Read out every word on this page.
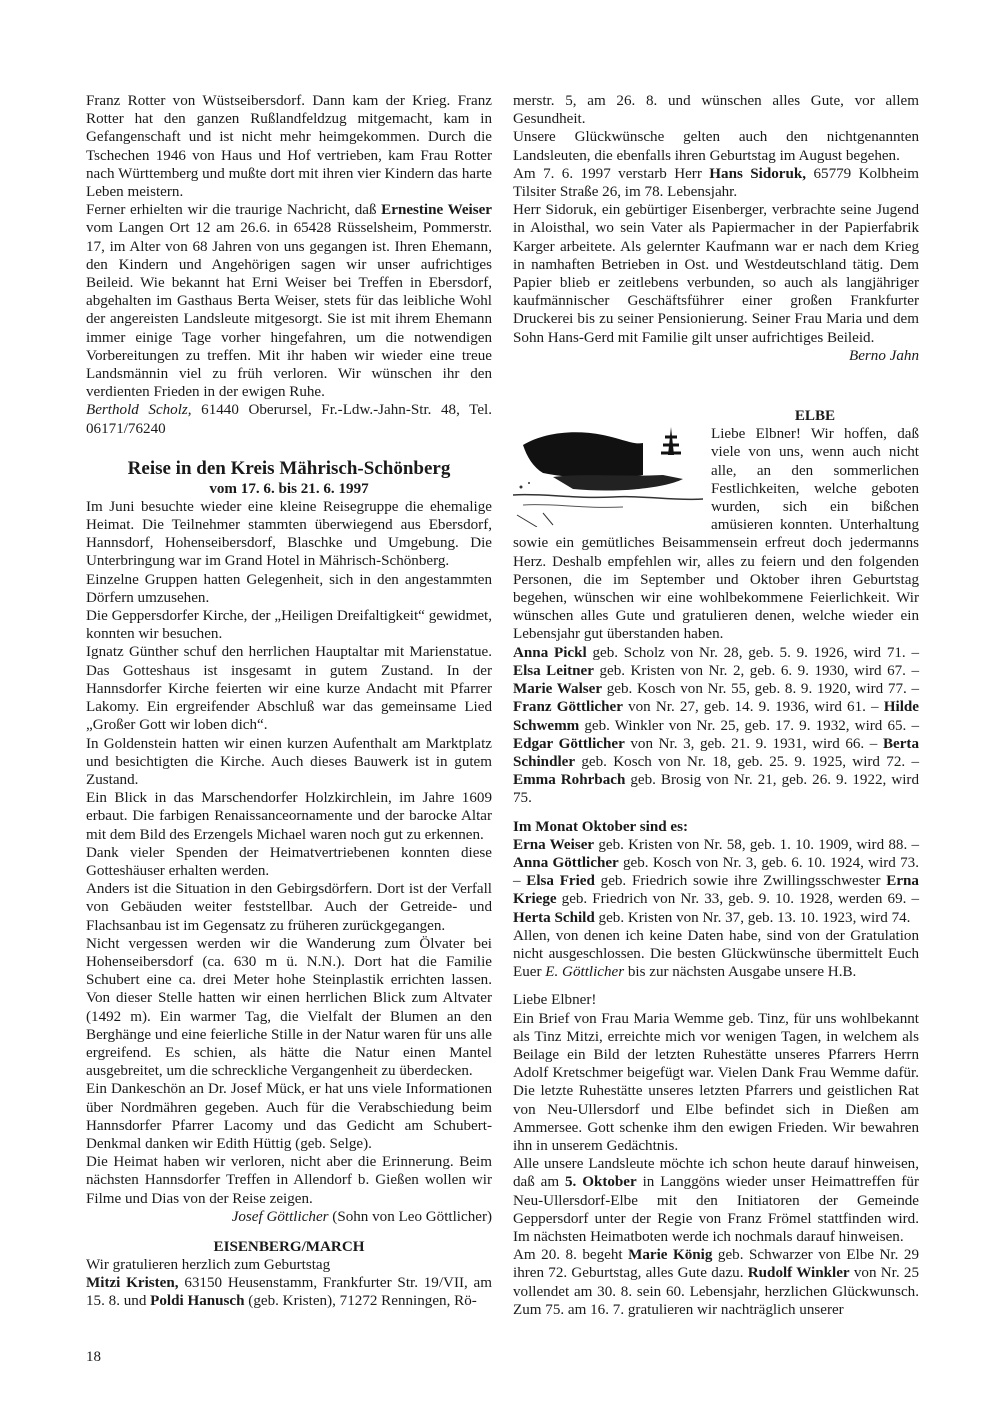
Franz Rotter von Wüstseibersdorf. Dann kam der Krieg. Franz Rotter hat den ganzen Rußlandfeldzug mitgemacht, kam in Gefangenschaft und ist nicht mehr heimgekommen. Durch die Tschechen 1946 von Haus und Hof vertrieben, kam Frau Rotter nach Württemberg und mußte dort mit ihren vier Kindern das harte Leben meistern.

Ferner erhielten wir die traurige Nachricht, daß Ernestine Weiser vom Langen Ort 12 am 26.6. in 65428 Rüsselsheim, Pommerstr. 17, im Alter von 68 Jahren von uns gegangen ist. Ihren Ehemann, den Kindern und Angehörigen sagen wir unser aufrichtiges Beileid. Wie bekannt hat Erni Weiser bei Treffen in Ebersdorf, abgehalten im Gasthaus Berta Weiser, stets für das leibliche Wohl der angereisten Landsleute mitgesorgt. Sie ist mit ihrem Ehemann immer einige Tage vorher hingefahren, um die notwendigen Vorbereitungen zu treffen. Mit ihr haben wir wieder eine treue Landsmännin viel zu früh verloren. Wir wünschen ihr den verdienten Frieden in der ewigen Ruhe.

Berthold Scholz, 61440 Oberursel, Fr.-Ldw.-Jahn-Str. 48, Tel. 06171/76240

Reise in den Kreis Mährisch-Schönberg
vom 17. 6. bis 21. 6. 1997

Im Juni besuchte wieder eine kleine Reisegruppe die ehemalige Heimat. Die Teilnehmer stammten überwiegend aus Ebersdorf, Hannsdorf, Hohenseibersdorf, Blaschke und Umgebung. Die Unterbringung war im Grand Hotel in Mährisch-Schönberg.

Einzelne Gruppen hatten Gelegenheit, sich in den angestammten Dörfern umzusehen.

Die Geppersdorfer Kirche, der „Heiligen Dreifaltigkeit“ gewidmet, konnten wir besuchen.

Ignatz Günther schuf den herrlichen Hauptaltar mit Marienstatue. Das Gotteshaus ist insgesamt in gutem Zustand. In der Hannsdorfer Kirche feierten wir eine kurze Andacht mit Pfarrer Lakomy. Ein ergreifender Abschluß war das gemeinsame Lied „Großer Gott wir loben dich“.

In Goldenstein hatten wir einen kurzen Aufenthalt am Marktplatz und besichtigten die Kirche. Auch dieses Bauwerk ist in gutem Zustand.

Ein Blick in das Marschendorfer Holzkirchlein, im Jahre 1609 erbaut. Die farbigen Renaissanceornamente und der barocke Altar mit dem Bild des Erzengels Michael waren noch gut zu erkennen.

Dank vieler Spenden der Heimatvertriebenen konnten diese Gotteshäuser erhalten werden.

Anders ist die Situation in den Gebirgsdörfern. Dort ist der Verfall von Gebäuden weiter feststellbar. Auch der Getreide- und Flachsanbau ist im Gegensatz zu früheren zurückgegangen.

Nicht vergessen werden wir die Wanderung zum Ölvater bei Hohenseibersdorf (ca. 630 m ü. N.N.). Dort hat die Familie Schubert eine ca. drei Meter hohe Steinplastik errichten lassen. Von dieser Stelle hatten wir einen herrlichen Blick zum Altvater (1492 m). Ein warmer Tag, die Vielfalt der Blumen an den Berghänge und eine feierliche Stille in der Natur waren für uns alle ergreifend. Es schien, als hätte die Natur einen Mantel ausgebreitet, um die schreckliche Vergangenheit zu überdecken.

Ein Dankeschön an Dr. Josef Mück, er hat uns viele Informationen über Nordmähren gegeben. Auch für die Verabschiedung beim Hannsdorfer Pfarrer Lacomy und das Gedicht am Schubert-Denkmal danken wir Edith Hüttig (geb. Selge).

Die Heimat haben wir verloren, nicht aber die Erinnerung. Beim nächsten Hannsdorfer Treffen in Allendorf b. Gießen wollen wir Filme und Dias von der Reise zeigen.

Josef Göttlicher (Sohn von Leo Göttlicher)

EISENBERG/MARCH

Wir gratulieren herzlich zum Geburtstag

Mitzi Kristen, 63150 Heusenstamm, Frankfurter Str. 19/VII, am 15. 8. und Poldi Hanusch (geb. Kristen), 71272 Renningen, Rö-

merstr. 5, am 26. 8. und wünschen alles Gute, vor allem Gesundheit.

Unsere Glückwünsche gelten auch den nichtgenannten Landsleuten, die ebenfalls ihren Geburtstag im August begehen.

Am 7. 6. 1997 verstarb Herr Hans Sidoruk, 65779 Kolbheim Tilsiter Straße 26, im 78. Lebensjahr.

Herr Sidoruk, ein gebürtiger Eisenberger, verbrachte seine Jugend in Aloisthal, wo sein Vater als Papiermacher in der Papierfabrik Karger arbeitete. Als gelernter Kaufmann war er nach dem Krieg in namhaften Betrieben in Ost. und Westdeutschland tätig. Dem Papier blieb er zeitlebens verbunden, so auch als langjähriger kaufmännischer Geschäftsführer einer großen Frankfurter Druckerei bis zu seiner Pensionierung. Seiner Frau Maria und dem Sohn Hans-Gerd mit Familie gilt unser aufrichtiges Beileid.

Berno Jahn

ELBE

Liebe Elbner! Wir hoffen, daß viele von uns, wenn auch nicht alle, an den sommerlichen Festlichkeiten, welche geboten wurden, sich ein bißchen amüsieren konnten. Unterhaltung sowie ein gemütliches Beisammensein erfreut doch jedermanns Herz. Deshalb empfehlen wir, alles zu feiern und den folgenden Personen, die im September und Oktober ihren Geburtstag begehen, wünschen wir eine wohlbekommene Feierlichkeit. Wir wünschen alles Gute und gratulieren denen, welche wieder ein Lebensjahr gut überstanden haben.

Anna Pickl geb. Scholz von Nr. 28, geb. 5. 9. 1926, wird 71. – Elsa Leitner geb. Kristen von Nr. 2, geb. 6. 9. 1930, wird 67. – Marie Walser geb. Kosch von Nr. 55, geb. 8. 9. 1920, wird 77. – Franz Göttlicher von Nr. 27, geb. 14. 9. 1936, wird 61. – Hilde Schwemm geb. Winkler von Nr. 25, geb. 17. 9. 1932, wird 65. – Edgar Göttlicher von Nr. 3, geb. 21. 9. 1931, wird 66. – Berta Schindler geb. Kosch von Nr. 18, geb. 25. 9. 1925, wird 72. – Emma Rohrbach geb. Brosig von Nr. 21, geb. 26. 9. 1922, wird 75.

Im Monat Oktober sind es:

Erna Weiser geb. Kristen von Nr. 58, geb. 1. 10. 1909, wird 88. – Anna Göttlicher geb. Kosch von Nr. 3, geb. 6. 10. 1924, wird 73. – Elsa Fried geb. Friedrich sowie ihre Zwillingsschwester Erna Kriege geb. Friedrich von Nr. 33, geb. 9. 10. 1928, werden 69. – Herta Schild geb. Kristen von Nr. 37, geb. 13. 10. 1923, wird 74.

Allen, von denen ich keine Daten habe, sind von der Gratulation nicht ausgeschlossen. Die besten Glückwünsche übermittelt Euch Euer E. Göttlicher bis zur nächsten Ausgabe unsere H.B.

Liebe Elbner!

Ein Brief von Frau Maria Wemme geb. Tinz, für uns wohlbekannt als Tinz Mitzi, erreichte mich vor wenigen Tagen, in welchem als Beilage ein Bild der letzten Ruhestätte unseres Pfarrers Herrn Adolf Kretschmer beigefügt war. Vielen Dank Frau Wemme dafür. Die letzte Ruhestätte unseres letzten Pfarrers und geistlichen Rat von Neu-Ullersdorf und Elbe befindet sich in Dießen am Ammersee. Gott schenke ihm den ewigen Frieden. Wir bewahren ihn in unserem Gedächtnis.

Alle unsere Landsleute möchte ich schon heute darauf hinweisen, daß am 5. Oktober in Langgöns wieder unser Heimattreffen für Neu-Ullersdorf-Elbe mit den Initiatoren der Gemeinde Geppersdorf unter der Regie von Franz Frömel stattfinden wird. Im nächsten Heimatboten werde ich nochmals darauf hinweisen.

Am 20. 8. begeht Marie König geb. Schwarzer von Elbe Nr. 29 ihren 72. Geburtstag, alles Gute dazu. Rudolf Winkler von Nr. 25 vollendet am 30. 8. sein 60. Lebensjahr, herzlichen Glückwunsch. Zum 75. am 16. 7. gratulieren wir nachträglich unserer

18
